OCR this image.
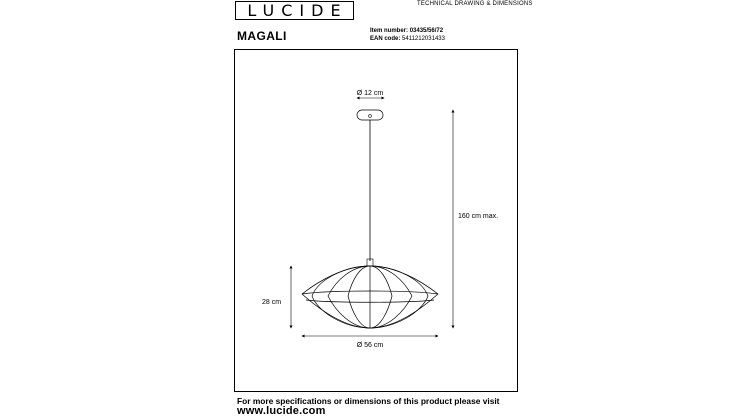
LUCIDE	TECHNICAL DRAWING & DIMENSIONS
MAGALI	Item number: 03435/56/72
EAN code: 5411212031433
Ø 12 cm
160 cm max.
28 cm
Ø 56 cm
For more specifications or dimensions of this product please visit
www.lucide.com
